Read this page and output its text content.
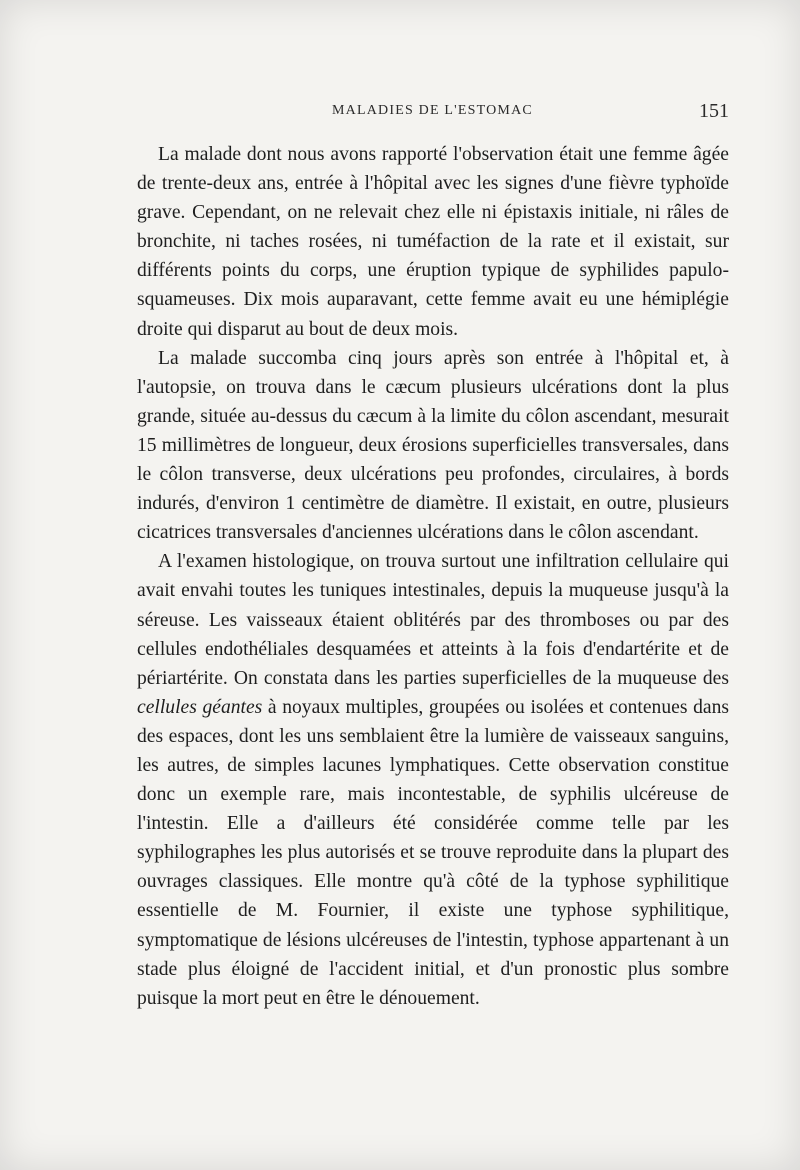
MALADIES DE L'ESTOMAC	151

La malade dont nous avons rapporté l'observation était une femme âgée de trente-deux ans, entrée à l'hôpital avec les signes d'une fièvre typhoïde grave. Cependant, on ne relevait chez elle ni épistaxis initiale, ni râles de bronchite, ni taches rosées, ni tuméfaction de la rate et il existait, sur différents points du corps, une éruption typique de syphilides papulo-squameuses. Dix mois auparavant, cette femme avait eu une hémiplégie droite qui disparut au bout de deux mois.

La malade succomba cinq jours après son entrée à l'hôpital et, à l'autopsie, on trouva dans le cæcum plusieurs ulcérations dont la plus grande, située au-dessus du cæcum à la limite du côlon ascendant, mesurait 15 millimètres de longueur, deux érosions superficielles transversales, dans le côlon transverse, deux ulcérations peu profondes, circulaires, à bords indurés, d'environ 1 centimètre de diamètre. Il existait, en outre, plusieurs cicatrices transversales d'anciennes ulcérations dans le côlon ascendant.

A l'examen histologique, on trouva surtout une infiltration cellulaire qui avait envahi toutes les tuniques intestinales, depuis la muqueuse jusqu'à la séreuse. Les vaisseaux étaient oblitérés par des thromboses ou par des cellules endothéliales desquamées et atteints à la fois d'endartérite et de périartérite. On constata dans les parties superficielles de la muqueuse des cellules géantes à noyaux multiples, groupées ou isolées et contenues dans des espaces, dont les uns semblaient être la lumière de vaisseaux sanguins, les autres, de simples lacunes lymphatiques. Cette observation constitue donc un exemple rare, mais incontestable, de syphilis ulcéreuse de l'intestin. Elle a d'ailleurs été considérée comme telle par les syphilographes les plus autorisés et se trouve reproduite dans la plupart des ouvrages classiques. Elle montre qu'à côté de la typhose syphilitique essentielle de M. Fournier, il existe une typhose syphilitique, symptomatique de lésions ulcéreuses de l'intestin, typhose appartenant à un stade plus éloigné de l'accident initial, et d'un pronostic plus sombre puisque la mort peut en être le dénouement.
